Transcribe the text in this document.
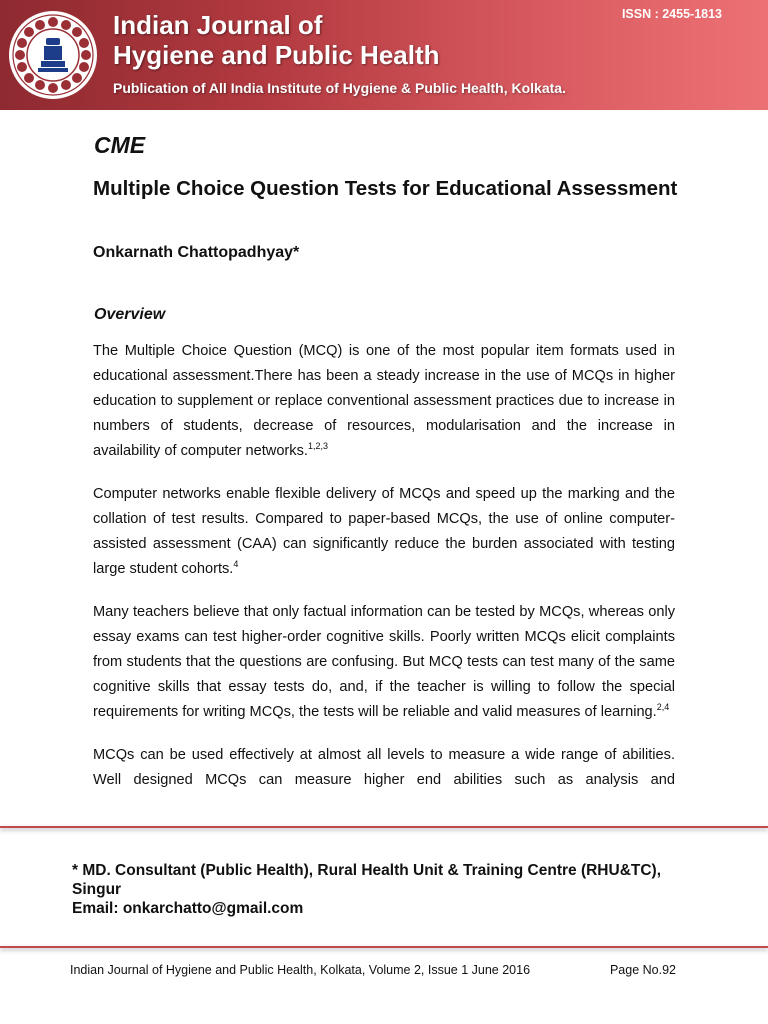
Indian Journal of
Hygiene and Public Health
Publication of All India Institute of Hygiene & Public Health, Kolkata.
ISSN : 2455-1813
CME
Multiple Choice Question Tests for Educational Assessment
Onkarnath Chattopadhyay*
Overview

The Multiple Choice Question (MCQ) is one of the most popular item formats used in educational assessment.There has been a steady increase in the use of MCQs in higher education to supplement or replace conventional assessment practices due to increase in numbers of students, decrease of resources, modularisation and the increase in availability of computer networks.$^{1,2,3}$

Computer networks enable flexible delivery of MCQs and speed up the marking and the collation of test results. Compared to paper-based MCQs, the use of online computer-assisted assessment (CAA) can significantly reduce the burden associated with testing large student cohorts.$^4$

Many teachers believe that only factual information can be tested by MCQs, whereas only essay exams can test higher-order cognitive skills. Poorly written MCQs elicit complaints from students that the questions are confusing. But MCQ tests can test many of the same cognitive skills that essay tests do, and, if the teacher is willing to follow the special requirements for writing MCQs, the tests will be reliable and valid measures of learning.$^{2,4}$

MCQs can be used effectively at almost all levels to measure a wide range of abilities. Well designed MCQs can measure higher end abilities such as analysis and

* MD. Consultant (Public Health), Rural Health Unit & Training Centre (RHU&TC), Singur
Email: onkarchatto@gmail.com
Indian Journal of Hygiene and Public Health, Kolkata, Volume 2, Issue 1 June 2016	Page No.92
